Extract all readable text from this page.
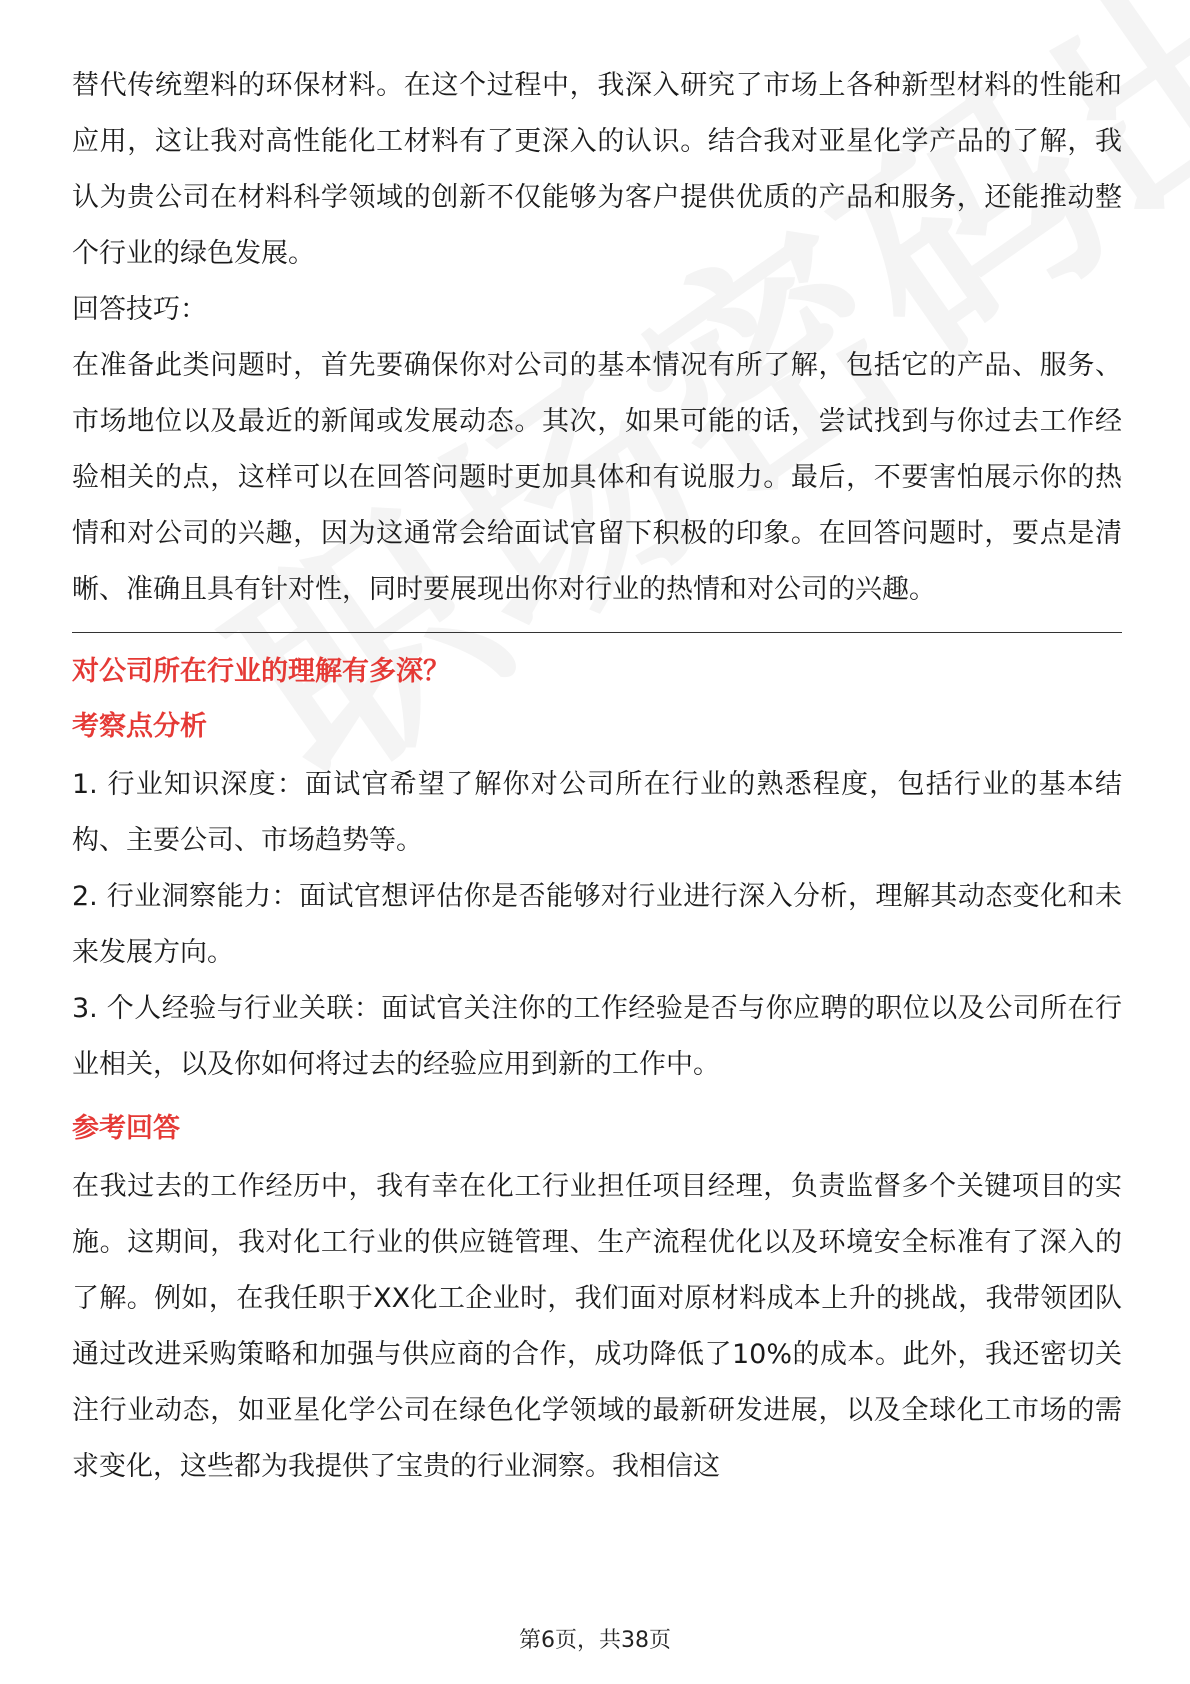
替代传统塑料的环保材料。在这个过程中，我深入研究了市场上各种新型材料的性能和应用，这让我对高性能化工材料有了更深入的认识。结合我对亚星化学产品的了解，我认为贵公司在材料科学领域的创新不仅能够为客户提供优质的产品和服务，还能推动整个行业的绿色发展。

回答技巧：

在准备此类问题时，首先要确保你对公司的基本情况有所了解，包括它的产品、服务、市场地位以及最近的新闻或发展动态。其次，如果可能的话，尝试找到与你过去工作经验相关的点，这样可以在回答问题时更加具体和有说服力。最后，不要害怕展示你的热情和对公司的兴趣，因为这通常会给面试官留下积极的印象。在回答问题时，要点是清晰、准确且具有针对性，同时要展现出你对行业的热情和对公司的兴趣。

对公司所在行业的理解有多深？

考察点分析

1. 行业知识深度：面试官希望了解你对公司所在行业的熟悉程度，包括行业的基本结构、主要公司、市场趋势等。

2. 行业洞察能力：面试官想评估你是否能够对行业进行深入分析，理解其动态变化和未来发展方向。

3. 个人经验与行业关联：面试官关注你的工作经验是否与你应聘的职位以及公司所在行业相关，以及你如何将过去的经验应用到新的工作中。

参考回答

在我过去的工作经历中，我有幸在化工行业担任项目经理，负责监督多个关键项目的实施。这期间，我对化工行业的供应链管理、生产流程优化以及环境安全标准有了深入的了解。例如，在我任职于XX化工企业时，我们面对原材料成本上升的挑战，我带领团队通过改进采购策略和加强与供应商的合作，成功降低了10%的成本。此外，我还密切关注行业动态，如亚星化学公司在绿色化学领域的最新研发进展，以及全球化工市场的需求变化，这些都为我提供了宝贵的行业洞察。我相信这

第6页，共38页
